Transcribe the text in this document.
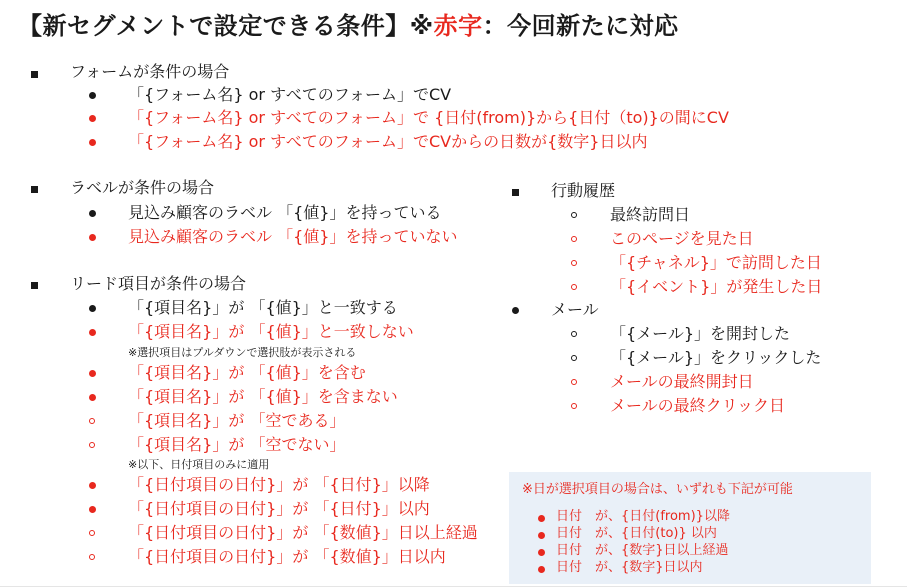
【新セグメントで設定できる条件】※赤字：今回新たに対応
フォームが条件の場合
「{フォーム名} or すべてのフォーム」でCV
「{フォーム名} or すべてのフォーム」で {日付(from)}から{日付（to)}の間にCV
「{フォーム名} or すべてのフォーム」でCVからの日数が{数字}日以内
ラベルが条件の場合
見込み顧客のラベル 「{値}」を持っている
見込み顧客のラベル 「{値}」を持っていない
リード項目が条件の場合
「{項目名}」が 「{値}」と一致する
「{項目名}」が 「{値}」と一致しない
※選択項目はプルダウンで選択肢が表示される
「{項目名}」が 「{値}」を含む
「{項目名}」が 「{値}」を含まない
「{項目名}」が 「空である」
「{項目名}」が 「空でない」
※以下、日付項目のみに適用
「{日付項目の日付}」が 「{日付}」以降
「{日付項目の日付}」が 「{日付}」以内
「{日付項目の日付}」が 「{数値}」日以上経過
「{日付項目の日付}」が 「{数値}」日以内
行動履歴
最終訪問日
このページを見た日
「{チャネル}」で訪問した日
「{イベント}」が発生した日
メール
「{メール}」を開封した
「{メール}」をクリックした
メールの最終開封日
メールの最終クリック日
※日が選択項目の場合は、いずれも下記が可能
日付　が、{日付(from)}以降
日付　が、{日付(to)} 以内
日付　が、{数字}日以上経過
日付　が、{数字}日以内
